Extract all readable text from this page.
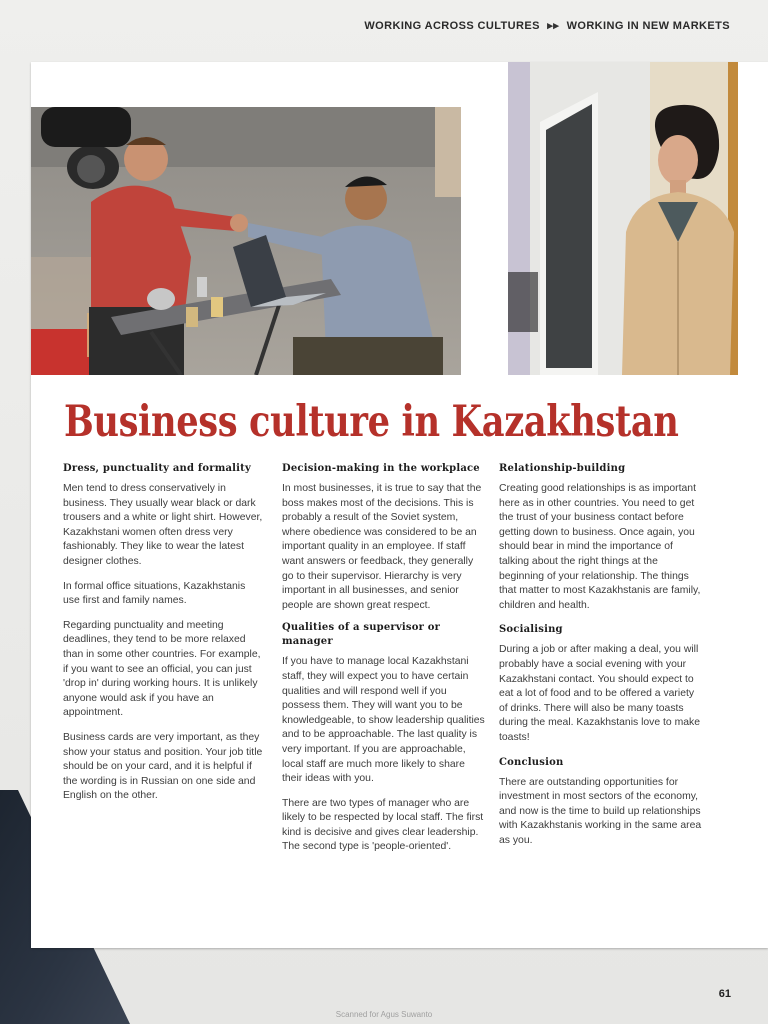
WORKING ACROSS CULTURES ▸▸ WORKING IN NEW MARKETS
Business culture in Kazakhstan
Dress, punctuality and formality

Men tend to dress conservatively in business. They usually wear black or dark trousers and a white or light shirt. However, Kazakhstani women often dress very fashionably. They like to wear the latest designer clothes.

In formal office situations, Kazakhstanis use first and family names.

Regarding punctuality and meeting deadlines, they tend to be more relaxed than in some other countries. For example, if you want to see an official, you can just 'drop in' during working hours. It is unlikely anyone would ask if you have an appointment.

Business cards are very important, as they show your status and position. Your job title should be on your card, and it is helpful if the wording is in Russian on one side and English on the other.

Decision-making in the workplace

In most businesses, it is true to say that the boss makes most of the decisions. This is probably a result of the Soviet system, where obedience was considered to be an important quality in an employee. If staff want answers or feedback, they generally go to their supervisor. Hierarchy is very important in all businesses, and senior people are shown great respect.

Qualities of a supervisor or manager

If you have to manage local Kazakhstani staff, they will expect you to have certain qualities and will respond well if you possess them. They will want you to be knowledgeable, to show leadership qualities and to be approachable. The last quality is very important. If you are approachable, local staff are much more likely to share their ideas with you.

There are two types of manager who are likely to be respected by local staff. The first kind is decisive and gives clear leadership. The second type is 'people-oriented'.

Relationship-building

Creating good relationships is as important here as in other countries. You need to get the trust of your business contact before getting down to business. Once again, you should bear in mind the importance of talking about the right things at the beginning of your relationship. The things that matter to most Kazakhstanis are family, children and health.

Socialising

During a job or after making a deal, you will probably have a social evening with your Kazakhstani contact. You should expect to eat a lot of food and to be offered a variety of drinks. There will also be many toasts during the meal. Kazakhstanis love to make toasts!

Conclusion

There are outstanding opportunities for investment in most sectors of the economy, and now is the time to build up relationships with Kazakhstanis working in the same area as you.

61
Scanned for Agus Suwanto
